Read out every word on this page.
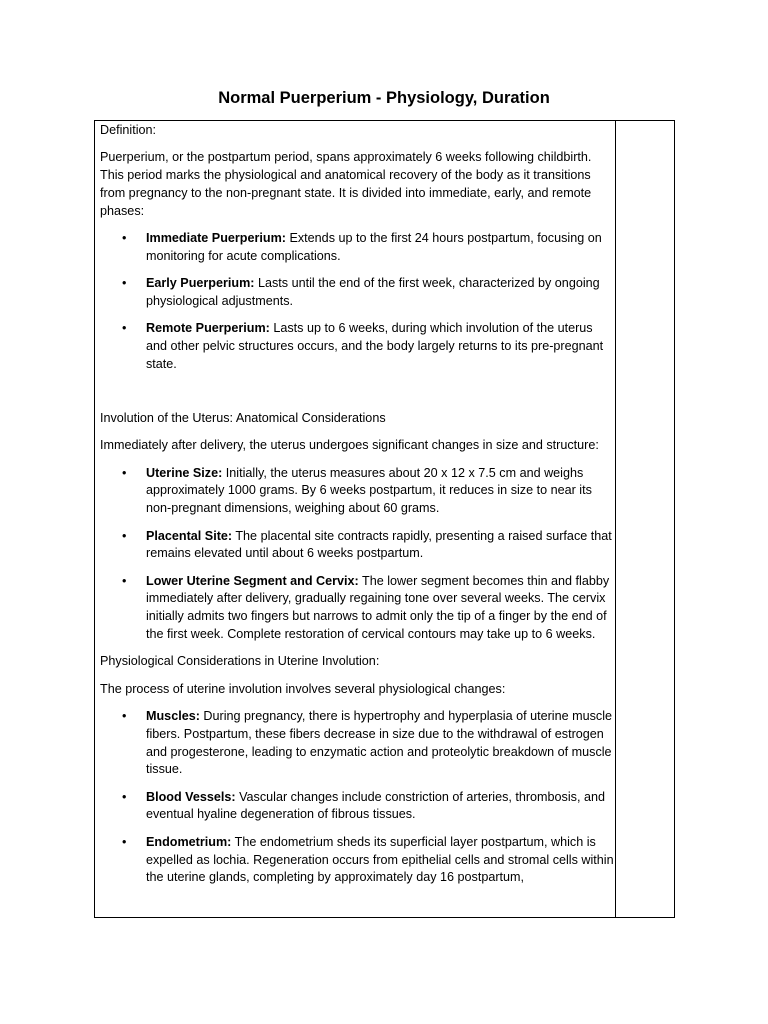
Normal Puerperium - Physiology, Duration

Definition:

Puerperium, or the postpartum period, spans approximately 6 weeks following childbirth. This period marks the physiological and anatomical recovery of the body as it transitions from pregnancy to the non-pregnant state. It is divided into immediate, early, and remote phases:

• Immediate Puerperium: Extends up to the first 24 hours postpartum, focusing on monitoring for acute complications.
• Early Puerperium: Lasts until the end of the first week, characterized by ongoing physiological adjustments.
• Remote Puerperium: Lasts up to 6 weeks, during which involution of the uterus and other pelvic structures occurs, and the body largely returns to its pre-pregnant state.

Involution of the Uterus: Anatomical Considerations

Immediately after delivery, the uterus undergoes significant changes in size and structure:

• Uterine Size: Initially, the uterus measures about 20 x 12 x 7.5 cm and weighs approximately 1000 grams. By 6 weeks postpartum, it reduces in size to near its non-pregnant dimensions, weighing about 60 grams.
• Placental Site: The placental site contracts rapidly, presenting a raised surface that remains elevated until about 6 weeks postpartum.
• Lower Uterine Segment and Cervix: The lower segment becomes thin and flabby immediately after delivery, gradually regaining tone over several weeks. The cervix initially admits two fingers but narrows to admit only the tip of a finger by the end of the first week. Complete restoration of cervical contours may take up to 6 weeks.

Physiological Considerations in Uterine Involution:

The process of uterine involution involves several physiological changes:

• Muscles: During pregnancy, there is hypertrophy and hyperplasia of uterine muscle fibers. Postpartum, these fibers decrease in size due to the withdrawal of estrogen and progesterone, leading to enzymatic action and proteolytic breakdown of muscle tissue.
• Blood Vessels: Vascular changes include constriction of arteries, thrombosis, and eventual hyaline degeneration of fibrous tissues.
• Endometrium: The endometrium sheds its superficial layer postpartum, which is expelled as lochia. Regeneration occurs from epithelial cells and stromal cells within the uterine glands, completing by approximately day 16 postpartum,
